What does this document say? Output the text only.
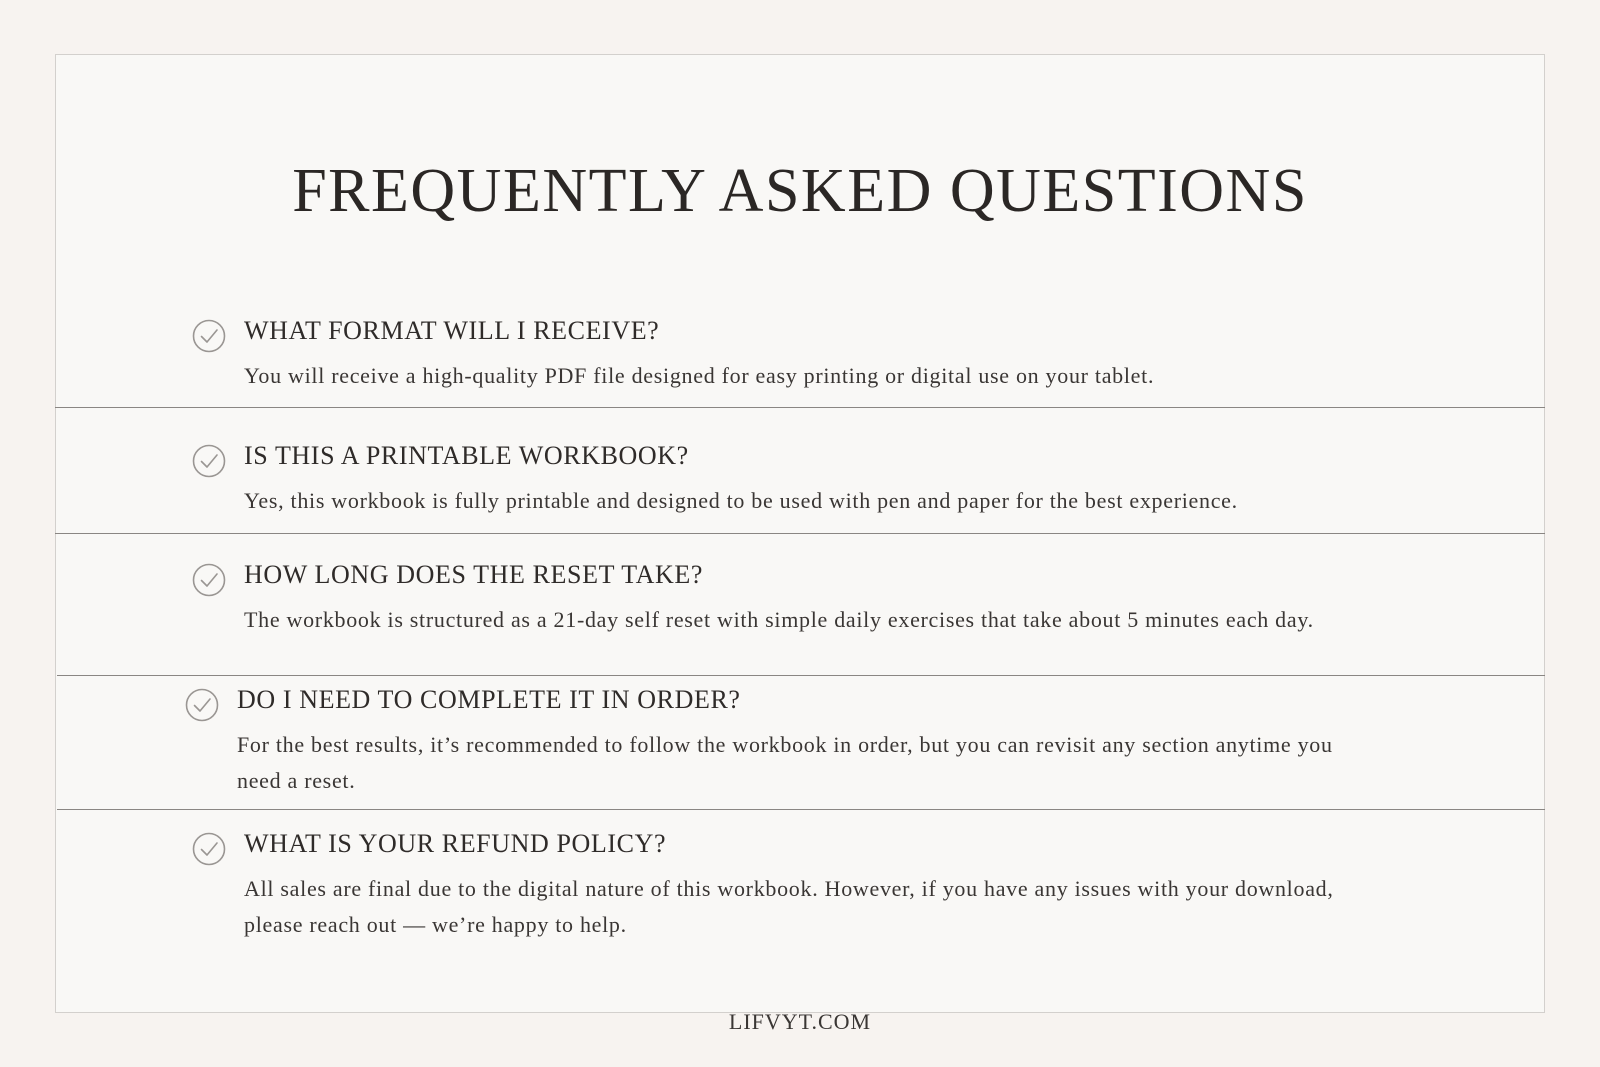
FREQUENTLY ASKED QUESTIONS
WHAT FORMAT WILL I RECEIVE?

You will receive a high-quality PDF file designed for easy printing or digital use on your tablet.

IS THIS A PRINTABLE WORKBOOK?

Yes, this workbook is fully printable and designed to be used with pen and paper for the best experience.

HOW LONG DOES THE RESET TAKE?

The workbook is structured as a 21-day self reset with simple daily exercises that take about 5 minutes each day.

DO I NEED TO COMPLETE IT IN ORDER?

For the best results, it’s recommended to follow the workbook in order, but you can revisit any section anytime you need a reset.

WHAT IS YOUR REFUND POLICY?

All sales are final due to the digital nature of this workbook. However, if you have any issues with your download, please reach out — we’re happy to help.

LIFVYT.COM
